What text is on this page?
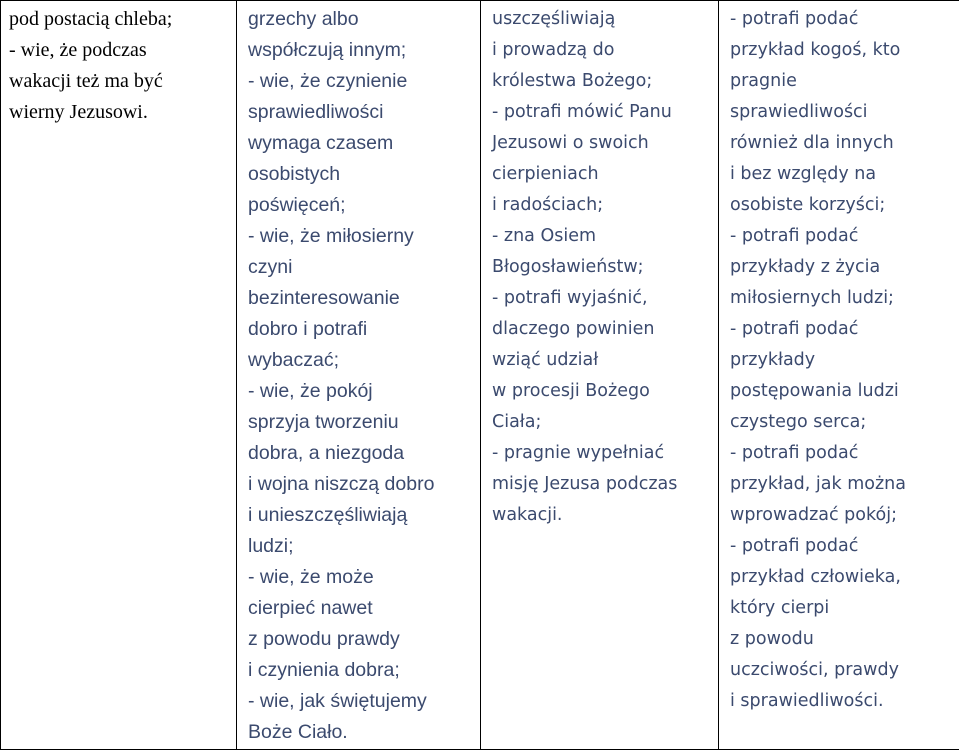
pod postacią chleba;
- wie, że podczas
wakacji też ma być
wierny Jezusowi.

grzechy albo
współczują innym;
- wie, że czynienie
sprawiedliwości
wymaga czasem
osobistych
poświęceń;
- wie, że miłosierny
czyni
bezinteresowanie
dobro i potrafi
wybaczać;
- wie, że pokój
sprzyja tworzeniu
dobra, a niezgoda
i wojna niszczą dobro
i unieszczęśliwiają
ludzi;
- wie, że może
cierpieć nawet
z powodu prawdy
i czynienia dobra;
- wie, jak świętujemy
Boże Ciało.

uszczęśliwiają
i prowadzą do
królestwa Bożego;
- potrafi mówić Panu
Jezusowi o swoich
cierpieniach
i radościach;
- zna Osiem
Błogosławieństw;
- potrafi wyjaśnić,
dlaczego powinien
wziąć udział
w procesji Bożego
Ciała;
- pragnie wypełniać
misję Jezusa podczas
wakacji.

- potrafi podać
przykład kogoś, kto
pragnie
sprawiedliwości
również dla innych
i bez względy na
osobiste korzyści;
- potrafi podać
przykłady z życia
miłosiernych ludzi;
- potrafi podać
przykłady
postępowania ludzi
czystego serca;
- potrafi podać
przykład, jak można
wprowadzać pokój;
- potrafi podać
przykład człowieka,
który cierpi
z powodu
uczciwości, prawdy
i sprawiedliwości.
